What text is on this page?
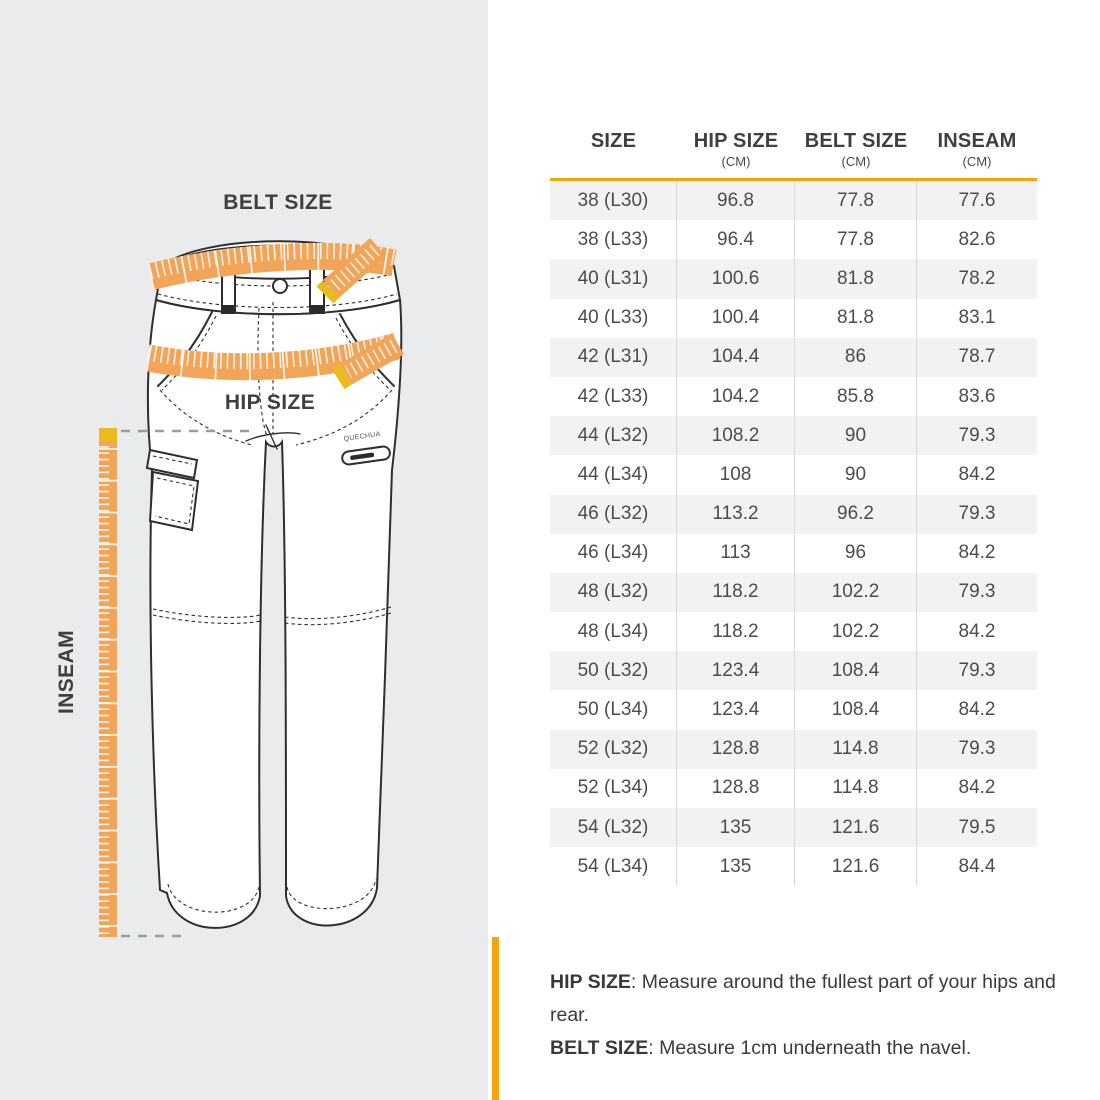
QUECHUA
BELT SIZE
HIP SIZE
INSEAM
SIZE	HIP SIZE
(CM)
BELT SIZE
(CM)
INSEAM
(CM)
38 (L30)	96.8	77.8	77.6
38 (L33)	96.4	77.8	82.6
40 (L31)	100.6	81.8	78.2
40 (L33)	100.4	81.8	83.1
42 (L31)	104.4	86	78.7
42 (L33)	104.2	85.8	83.6
44 (L32)	108.2	90	79.3
44 (L34)	108	90	84.2
46 (L32)	113.2	96.2	79.3
46 (L34)	113	96	84.2
48 (L32)	118.2	102.2	79.3
48 (L34)	118.2	102.2	84.2
50 (L32)	123.4	108.4	79.3
50 (L34)	123.4	108.4	84.2
52 (L32)	128.8	114.8	79.3
52 (L34)	128.8	114.8	84.2
54 (L32)	135	121.6	79.5
54 (L34)	135	121.6	84.4
HIP SIZE: Measure around the fullest part of your hips and rear.
BELT SIZE: Measure 1cm underneath the navel.
